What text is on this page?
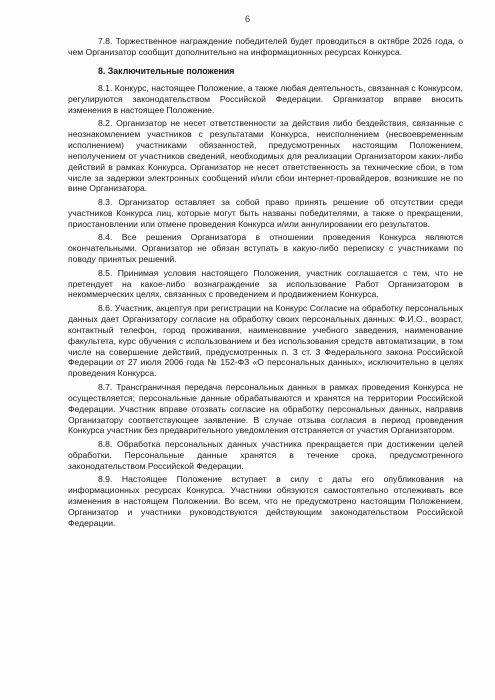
6

7.8. Торжественное награждение победителей будет проводиться в октябре 2026 года, о чем Организатор сообщит дополнительно на информационных ресурсах Конкурса.

8. Заключительные положения

8.1. Конкурс, настоящее Положение, а также любая деятельность, связанная с Конкурсом, регулируются законодательством Российской Федерации. Организатор вправе вносить изменения в настоящее Положение.

8.2. Организатор не несет ответственности за действия либо бездействия, связанные с неознакомлением участников с результатами Конкурса, неисполнением (несвоевременным исполнением) участниками обязанностей, предусмотренных настоящим Положением, неполучением от участников сведений, необходимых для реализации Организатором каких-либо действий в рамках Конкурса. Организатор не несет ответственность за технические сбои, в том числе за задержки электронных сообщений и/или сбои интернет-провайдеров, возникшие не по вине Организатора.

8.3. Организатор оставляет за собой право принять решение об отсутствии среди участников Конкурса лиц, которые могут быть названы победителями, а также о прекращении, приостановлении или отмене проведения Конкурса и/или аннулировании его результатов.

8.4. Все решения Организатора в отношении проведения Конкурса являются окончательными. Организатор не обязан вступать в какую-либо переписку с участниками по поводу принятых решений.

8.5. Принимая условия настоящего Положения, участник соглашается с тем, что не претендует на какое-либо вознаграждение за использование Работ Организатором в некоммерческих целях, связанных с проведением и продвижением Конкурса.

8.6. Участник, акцептуя при регистрации на Конкурс Согласие на обработку персональных данных дает Организатору согласие на обработку своих персональных данных: Ф.И.О., возраст, контактный телефон, город проживания, наименование учебного заведения, наименование факультета, курс обучения с использованием и без использования средств автоматизации, в том числе на совершение действий, предусмотренных п. 3 ст. 3 Федерального закона Российской Федерации от 27 июля 2006 года № 152-ФЗ «О персональных данных», исключительно в целях проведения Конкурса.

8.7. Трансграничная передача персональных данных в рамках проведения Конкурса не осуществляется; персональные данные обрабатываются и хранятся на территории Российской Федерации. Участник вправе отозвать согласие на обработку персональных данных, направив Организатору соответствующее заявление. В случае отзыва согласия в период проведения Конкурса участник без предварительного уведомления отстраняется от участия Организатором.

8.8. Обработка персональных данных участника прекращается при достижении целей обработки. Персональные данные хранятся в течение срока, предусмотренного законодательством Российской Федерации.

8.9. Настоящее Положение вступает в силу с даты его опубликования на информационных ресурсах Конкурса. Участники обязуются самостоятельно отслеживать все изменения в настоящем Положении. Во всем, что не предусмотрено настоящим Положением, Организатор и участники руководствуются действующим законодательством Российской Федерации.
